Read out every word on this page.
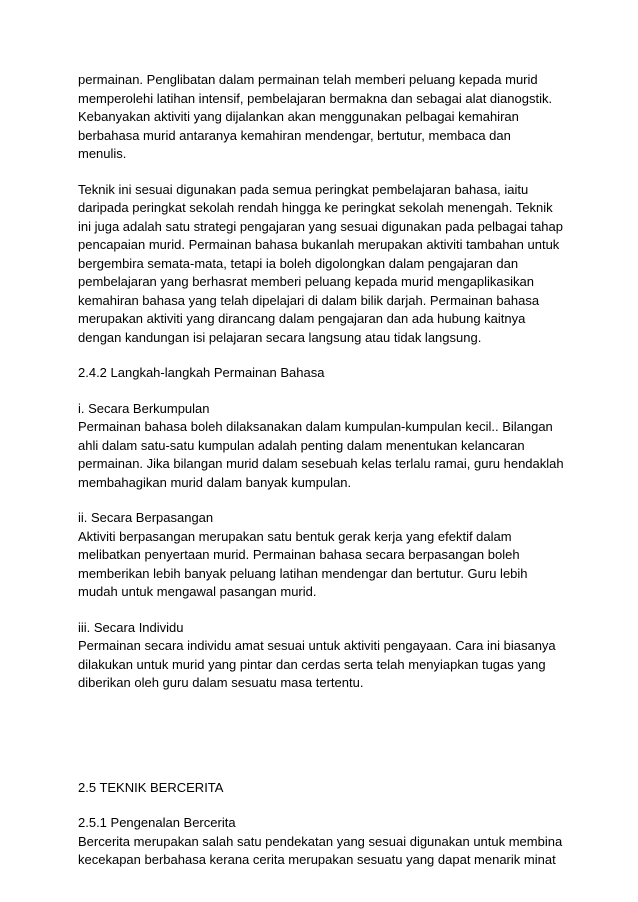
permainan. Penglibatan dalam permainan telah memberi peluang kepada murid
memperolehi latihan intensif, pembelajaran bermakna dan sebagai alat dianogstik.
Kebanyakan aktiviti yang dijalankan akan menggunakan pelbagai kemahiran
berbahasa murid antaranya kemahiran mendengar, bertutur, membaca dan
menulis.

Teknik ini sesuai digunakan pada semua peringkat pembelajaran bahasa, iaitu
daripada peringkat sekolah rendah hingga ke peringkat sekolah menengah. Teknik
ini juga adalah satu strategi pengajaran yang sesuai digunakan pada pelbagai tahap
pencapaian murid. Permainan bahasa bukanlah merupakan aktiviti tambahan untuk
bergembira semata-mata, tetapi ia boleh digolongkan dalam pengajaran dan
pembelajaran yang berhasrat memberi peluang kepada murid mengaplikasikan
kemahiran bahasa yang telah dipelajari di dalam bilik darjah. Permainan bahasa
merupakan aktiviti yang dirancang dalam pengajaran dan ada hubung kaitnya
dengan kandungan isi pelajaran secara langsung atau tidak langsung.

2.4.2 Langkah-langkah Permainan Bahasa

i. Secara Berkumpulan
Permainan bahasa boleh dilaksanakan dalam kumpulan-kumpulan kecil.. Bilangan
ahli dalam satu-satu kumpulan adalah penting dalam menentukan kelancaran
permainan. Jika bilangan murid dalam sesebuah kelas terlalu ramai, guru hendaklah
membahagikan murid dalam banyak kumpulan.

ii. Secara Berpasangan
Aktiviti berpasangan merupakan satu bentuk gerak kerja yang efektif dalam
melibatkan penyertaan murid. Permainan bahasa secara berpasangan boleh
memberikan lebih banyak peluang latihan mendengar dan bertutur. Guru lebih
mudah untuk mengawal pasangan murid.

iii. Secara Individu
Permainan secara individu amat sesuai untuk aktiviti pengayaan. Cara ini biasanya
dilakukan untuk murid yang pintar dan cerdas serta telah menyiapkan tugas yang
diberikan oleh guru dalam sesuatu masa tertentu.

2.5 TEKNIK BERCERITA

2.5.1 Pengenalan Bercerita
Bercerita merupakan salah satu pendekatan yang sesuai digunakan untuk membina
kecekapan berbahasa kerana cerita merupakan sesuatu yang dapat menarik minat
